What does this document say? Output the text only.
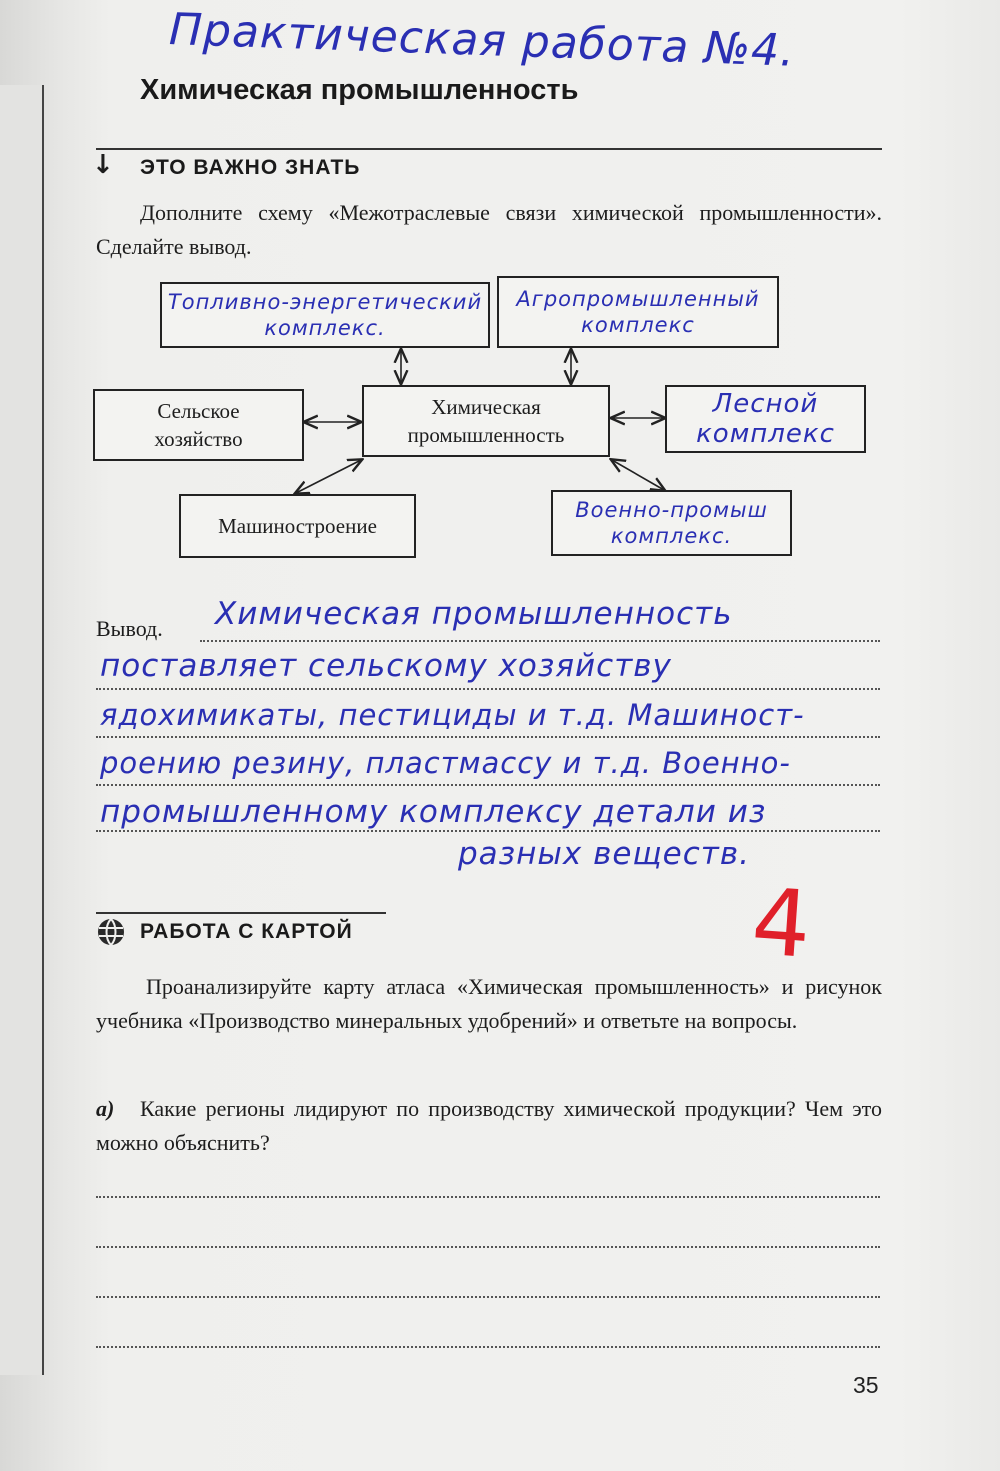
Практическая работа №4.
Химическая промышленность
↓ ЭТО ВАЖНО ЗНАТЬ
Дополните схему «Межотраслевые связи химической промышленности». Сделайте вывод.
Топливно-энергетический комплекс.
Агропромышленный комплекс
Сельское хозяйство
Химическая промышленность
Лесной комплекс
Машиностроение
Военно-промыш комплекс.
Вывод. Химическая промышленность
поставляет сельскому хозяйству
ядохимикаты, пестициды и т.д. Машиност-
роению резину, пластмассу и т.д. Военно-
промышленному комплексу детали из
разных веществ.
4
РАБОТА С КАРТОЙ
Проанализируйте карту атласа «Химическая промышленность» и рисунок учебника «Производство минеральных удобрений» и ответьте на вопросы.
а) Какие регионы лидируют по производству химической продукции? Чем это можно объяснить?
35
